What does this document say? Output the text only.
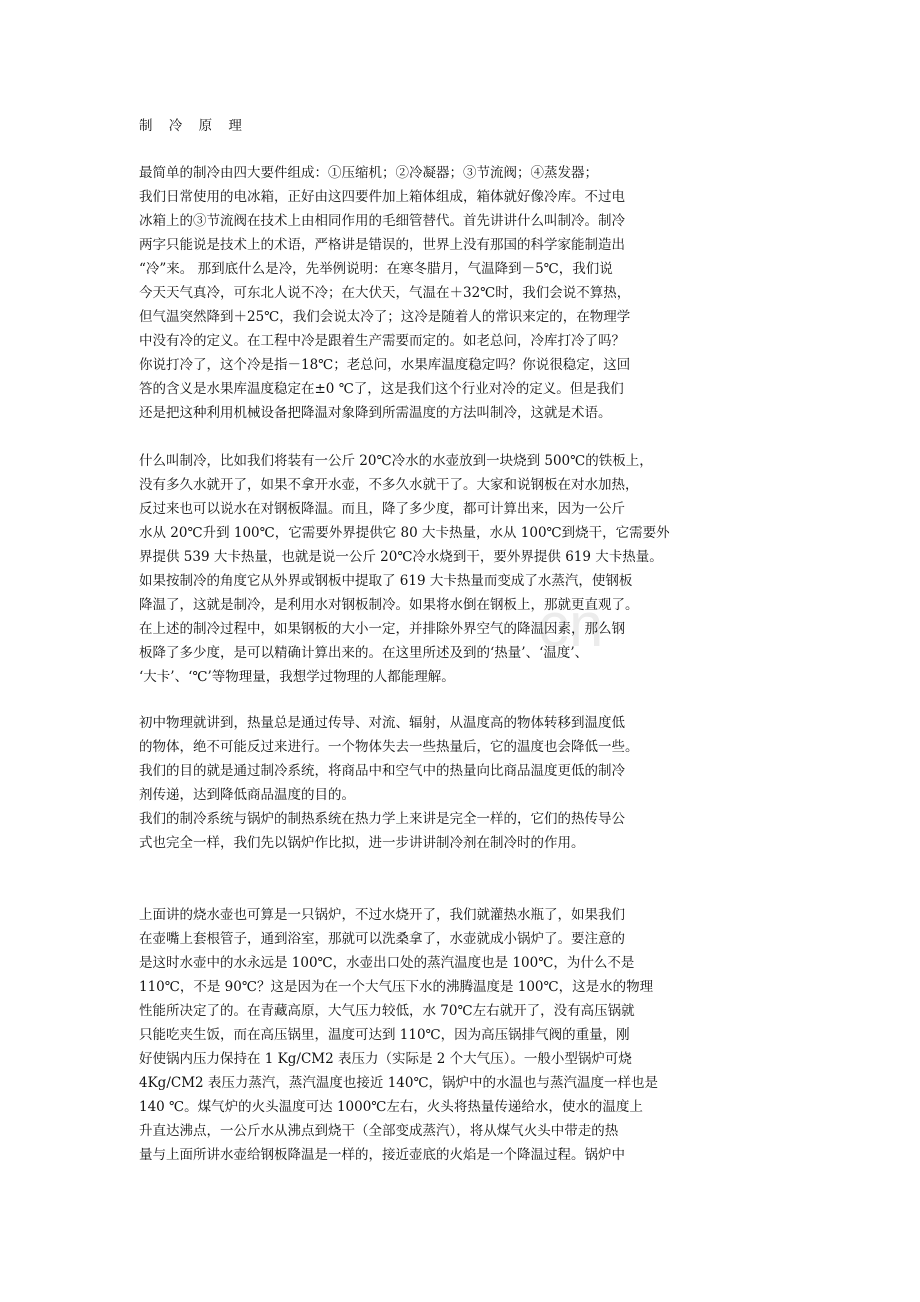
制 冷 原 理
最简单的制冷由四大要件组成：①压缩机；②冷凝器；③节流阀；④蒸发器；
我们日常使用的电冰箱，正好由这四要件加上箱体组成，箱体就好像冷库。不过电
冰箱上的③节流阀在技术上由相同作用的毛细管替代。首先讲讲什么叫制冷。制冷
两字只能说是技术上的术语，严格讲是错误的，世界上没有那国的科学家能制造出
“冷”来。 那到底什么是冷，先举例说明：在寒冬腊月，气温降到－5℃，我们说
今天天气真冷，可东北人说不冷；在大伏天，气温在＋32℃时，我们会说不算热，
但气温突然降到＋25℃，我们会说太冷了；这冷是随着人的常识来定的，在物理学
中没有冷的定义。在工程中冷是跟着生产需要而定的。如老总问，冷库打冷了吗？
你说打冷了，这个冷是指－18℃；老总问，水果库温度稳定吗？你说很稳定，这回
答的含义是水果库温度稳定在±0 ℃了，这是我们这个行业对冷的定义。但是我们
还是把这种利用机械设备把降温对象降到所需温度的方法叫制冷，这就是术语。
什么叫制冷，比如我们将装有一公斤 20℃冷水的水壶放到一块烧到 500℃的铁板上，
没有多久水就开了，如果不拿开水壶，不多久水就干了。大家和说钢板在对水加热，
反过来也可以说水在对钢板降温。而且，降了多少度，都可计算出来，因为一公斤
水从 20℃升到 100℃，它需要外界提供它 80 大卡热量，水从 100℃到烧干，它需要外
界提供 539 大卡热量，也就是说一公斤 20℃冷水烧到干，要外界提供 619 大卡热量。
如果按制冷的角度它从外界或钢板中提取了 619 大卡热量而变成了水蒸汽，使钢板
降温了，这就是制冷，是利用水对钢板制冷。如果将水倒在钢板上，那就更直观了。
在上述的制冷过程中，如果钢板的大小一定，并排除外界空气的降温因素，那么钢
板降了多少度，是可以精确计算出来的。在这里所述及到的‘热量’、‘温度’、
‘大卡’、‘℃’等物理量，我想学过物理的人都能理解。
初中物理就讲到，热量总是通过传导、对流、辐射，从温度高的物体转移到温度低
的物体，绝不可能反过来进行。一个物体失去一些热量后，它的温度也会降低一些。
我们的目的就是通过制冷系统，将商品中和空气中的热量向比商品温度更低的制冷
剂传递，达到降低商品温度的目的。
我们的制冷系统与锅炉的制热系统在热力学上来讲是完全一样的，它们的热传导公
式也完全一样，我们先以锅炉作比拟，进一步讲讲制冷剂在制冷时的作用。
上面讲的烧水壶也可算是一只锅炉，不过水烧开了，我们就灌热水瓶了，如果我们
在壶嘴上套根管子，通到浴室，那就可以洗桑拿了，水壶就成小锅炉了。要注意的
是这时水壶中的水永远是 100℃，水壶出口处的蒸汽温度也是 100℃，为什么不是
110℃，不是 90℃？这是因为在一个大气压下水的沸腾温度是 100℃，这是水的物理
性能所决定了的。在青藏高原，大气压力较低，水 70℃左右就开了，没有高压锅就
只能吃夹生饭，而在高压锅里，温度可达到 110℃，因为高压锅排气阀的重量，刚
好使锅内压力保持在 1 Kg/CM2 表压力（实际是 2 个大气压）。一般小型锅炉可烧
4Kg/CM2 表压力蒸汽，蒸汽温度也接近 140℃，锅炉中的水温也与蒸汽温度一样也是
140 ℃。煤气炉的火头温度可达 1000℃左右，火头将热量传递给水，使水的温度上
升直达沸点，一公斤水从沸点到烧干（全部变成蒸汽），将从煤气火头中带走的热
量与上面所讲水壶给钢板降温是一样的，接近壶底的火焰是一个降温过程。锅炉中
cn
